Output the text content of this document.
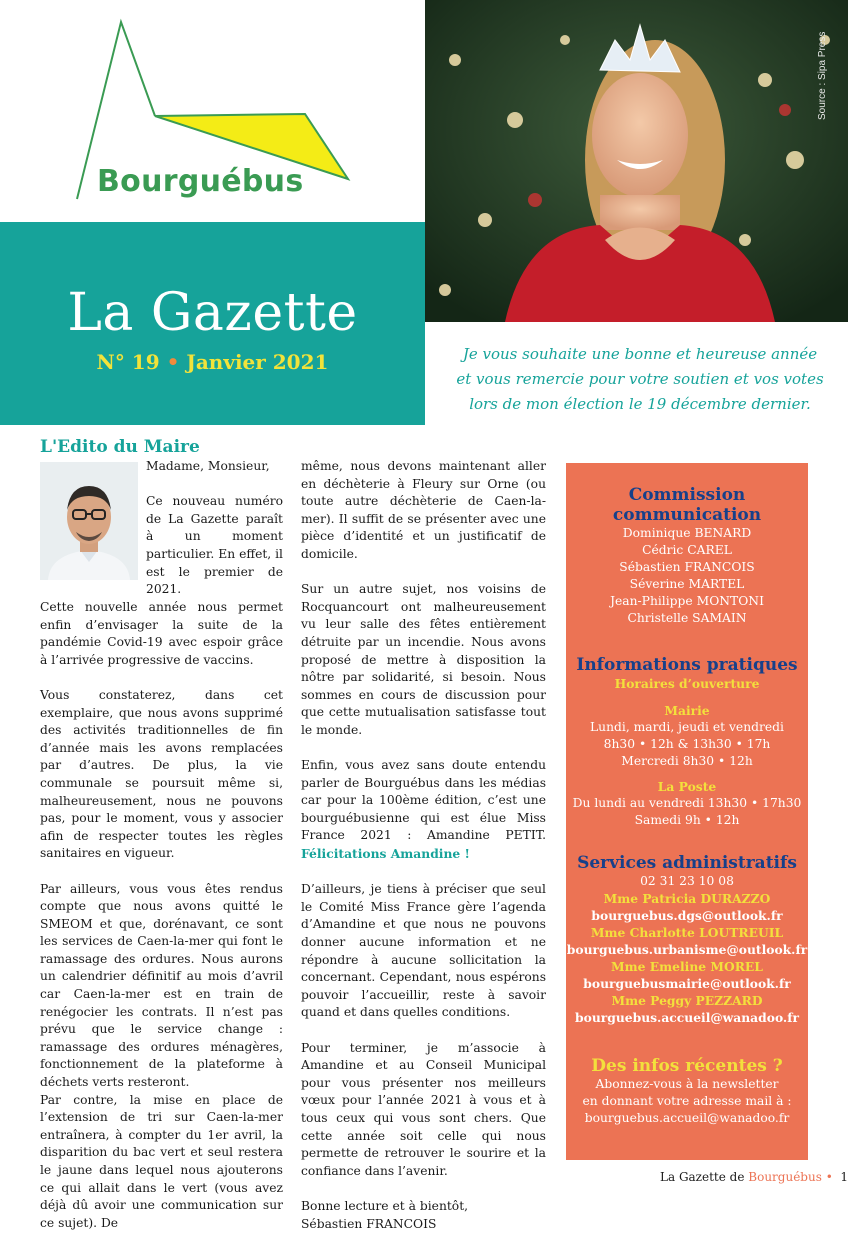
Bourguébus
La Gazette
N° 19 • Janvier 2021
Source : Sipa Press
Je vous souhaite une bonne et heureuse année
et vous remercie pour votre soutien et vos votes
lors de mon élection le 19 décembre dernier.
L'Edito du Maire

Madame, Monsieur,

Ce nouveau numéro de La Gazette paraît à un moment particulier. En effet, il est le premier de 2021.

Cette nouvelle année nous permet enfin d’envisager la suite de la pandémie Covid-19 avec espoir grâce à l’arrivée progressive de vaccins.

Vous constaterez, dans cet exemplaire, que nous avons supprimé des activités traditionnelles de fin d’année mais les avons remplacées par d’autres. De plus, la vie communale se poursuit même si, malheureusement, nous ne pouvons pas, pour le moment, vous y associer afin de respecter toutes les règles sanitaires en vigueur.

Par ailleurs, vous vous êtes rendus compte que nous avons quitté le SMEOM et que, dorénavant, ce sont les services de Caen-la-mer qui font le ramassage des ordures. Nous aurons un calendrier définitif au mois d’avril car Caen-la-mer est en train de renégocier les contrats. Il n’est pas prévu que le service change : ramassage des ordures ménagères, fonctionnement de la plateforme à déchets verts resteront.

Par contre, la mise en place de l’extension de tri sur Caen-la-mer entraînera, à compter du 1er avril, la disparition du bac vert et seul restera le jaune dans lequel nous ajouterons ce qui allait dans le vert (vous avez déjà dû avoir une communication sur ce sujet). De

même, nous devons maintenant aller en déchèterie à Fleury sur Orne (ou toute autre déchèterie de Caen-la-mer). Il suffit de se présenter avec une pièce d’identité et un justificatif de domicile.

Sur un autre sujet, nos voisins de Rocquancourt ont malheureusement vu leur salle des fêtes entièrement détruite par un incendie. Nous avons proposé de mettre à disposition la nôtre par solidarité, si besoin. Nous sommes en cours de discussion pour que cette mutualisation satisfasse tout le monde.

Enfin, vous avez sans doute entendu parler de Bourguébus dans les médias car pour la 100ème édition, c’est une bourguébusienne qui est élue Miss France 2021 : Amandine PETIT. Félicitations Amandine !

D’ailleurs, je tiens à préciser que seul le Comité Miss France gère l’agenda d’Amandine et que nous ne pouvons donner aucune information et ne répondre à aucune sollicitation la concernant. Cependant, nous espérons pouvoir l’accueillir, reste à savoir quand et dans quelles conditions.

Pour terminer, je m’associe à Amandine et au Conseil Municipal pour vous présenter nos meilleurs vœux pour l’année 2021 à vous et à tous ceux qui vous sont chers. Que cette année soit celle qui nous permette de retrouver le sourire et la confiance dans l’avenir.

Bonne lecture et à bientôt,

Sébastien FRANCOIS

Commission communication
Dominique BENARD
Cédric CAREL
Sébastien FRANCOIS
Séverine MARTEL
Jean-Philippe MONTONI
Christelle SAMAIN
Informations pratiques
Horaires d’ouverture
Mairie
Lundi, mardi, jeudi et vendredi
8h30 • 12h & 13h30 • 17h
Mercredi 8h30 • 12h
La Poste
Du lundi au vendredi 13h30 • 17h30
Samedi 9h • 12h
Services administratifs
02 31 23 10 08
Mme Patricia DURAZZO
bourguebus.dgs@outlook.fr
Mme Charlotte LOUTREUIL
bourguebus.urbanisme@outlook.fr
Mme Emeline MOREL
bourguebusmairie@outlook.fr
Mme Peggy PEZZARD
bourguebus.accueil@wanadoo.fr
Des infos récentes ?
Abonnez-vous à la newsletter
en donnant votre adresse mail à :
bourguebus.accueil@wanadoo.fr
La Gazette de Bourguébus • 1
